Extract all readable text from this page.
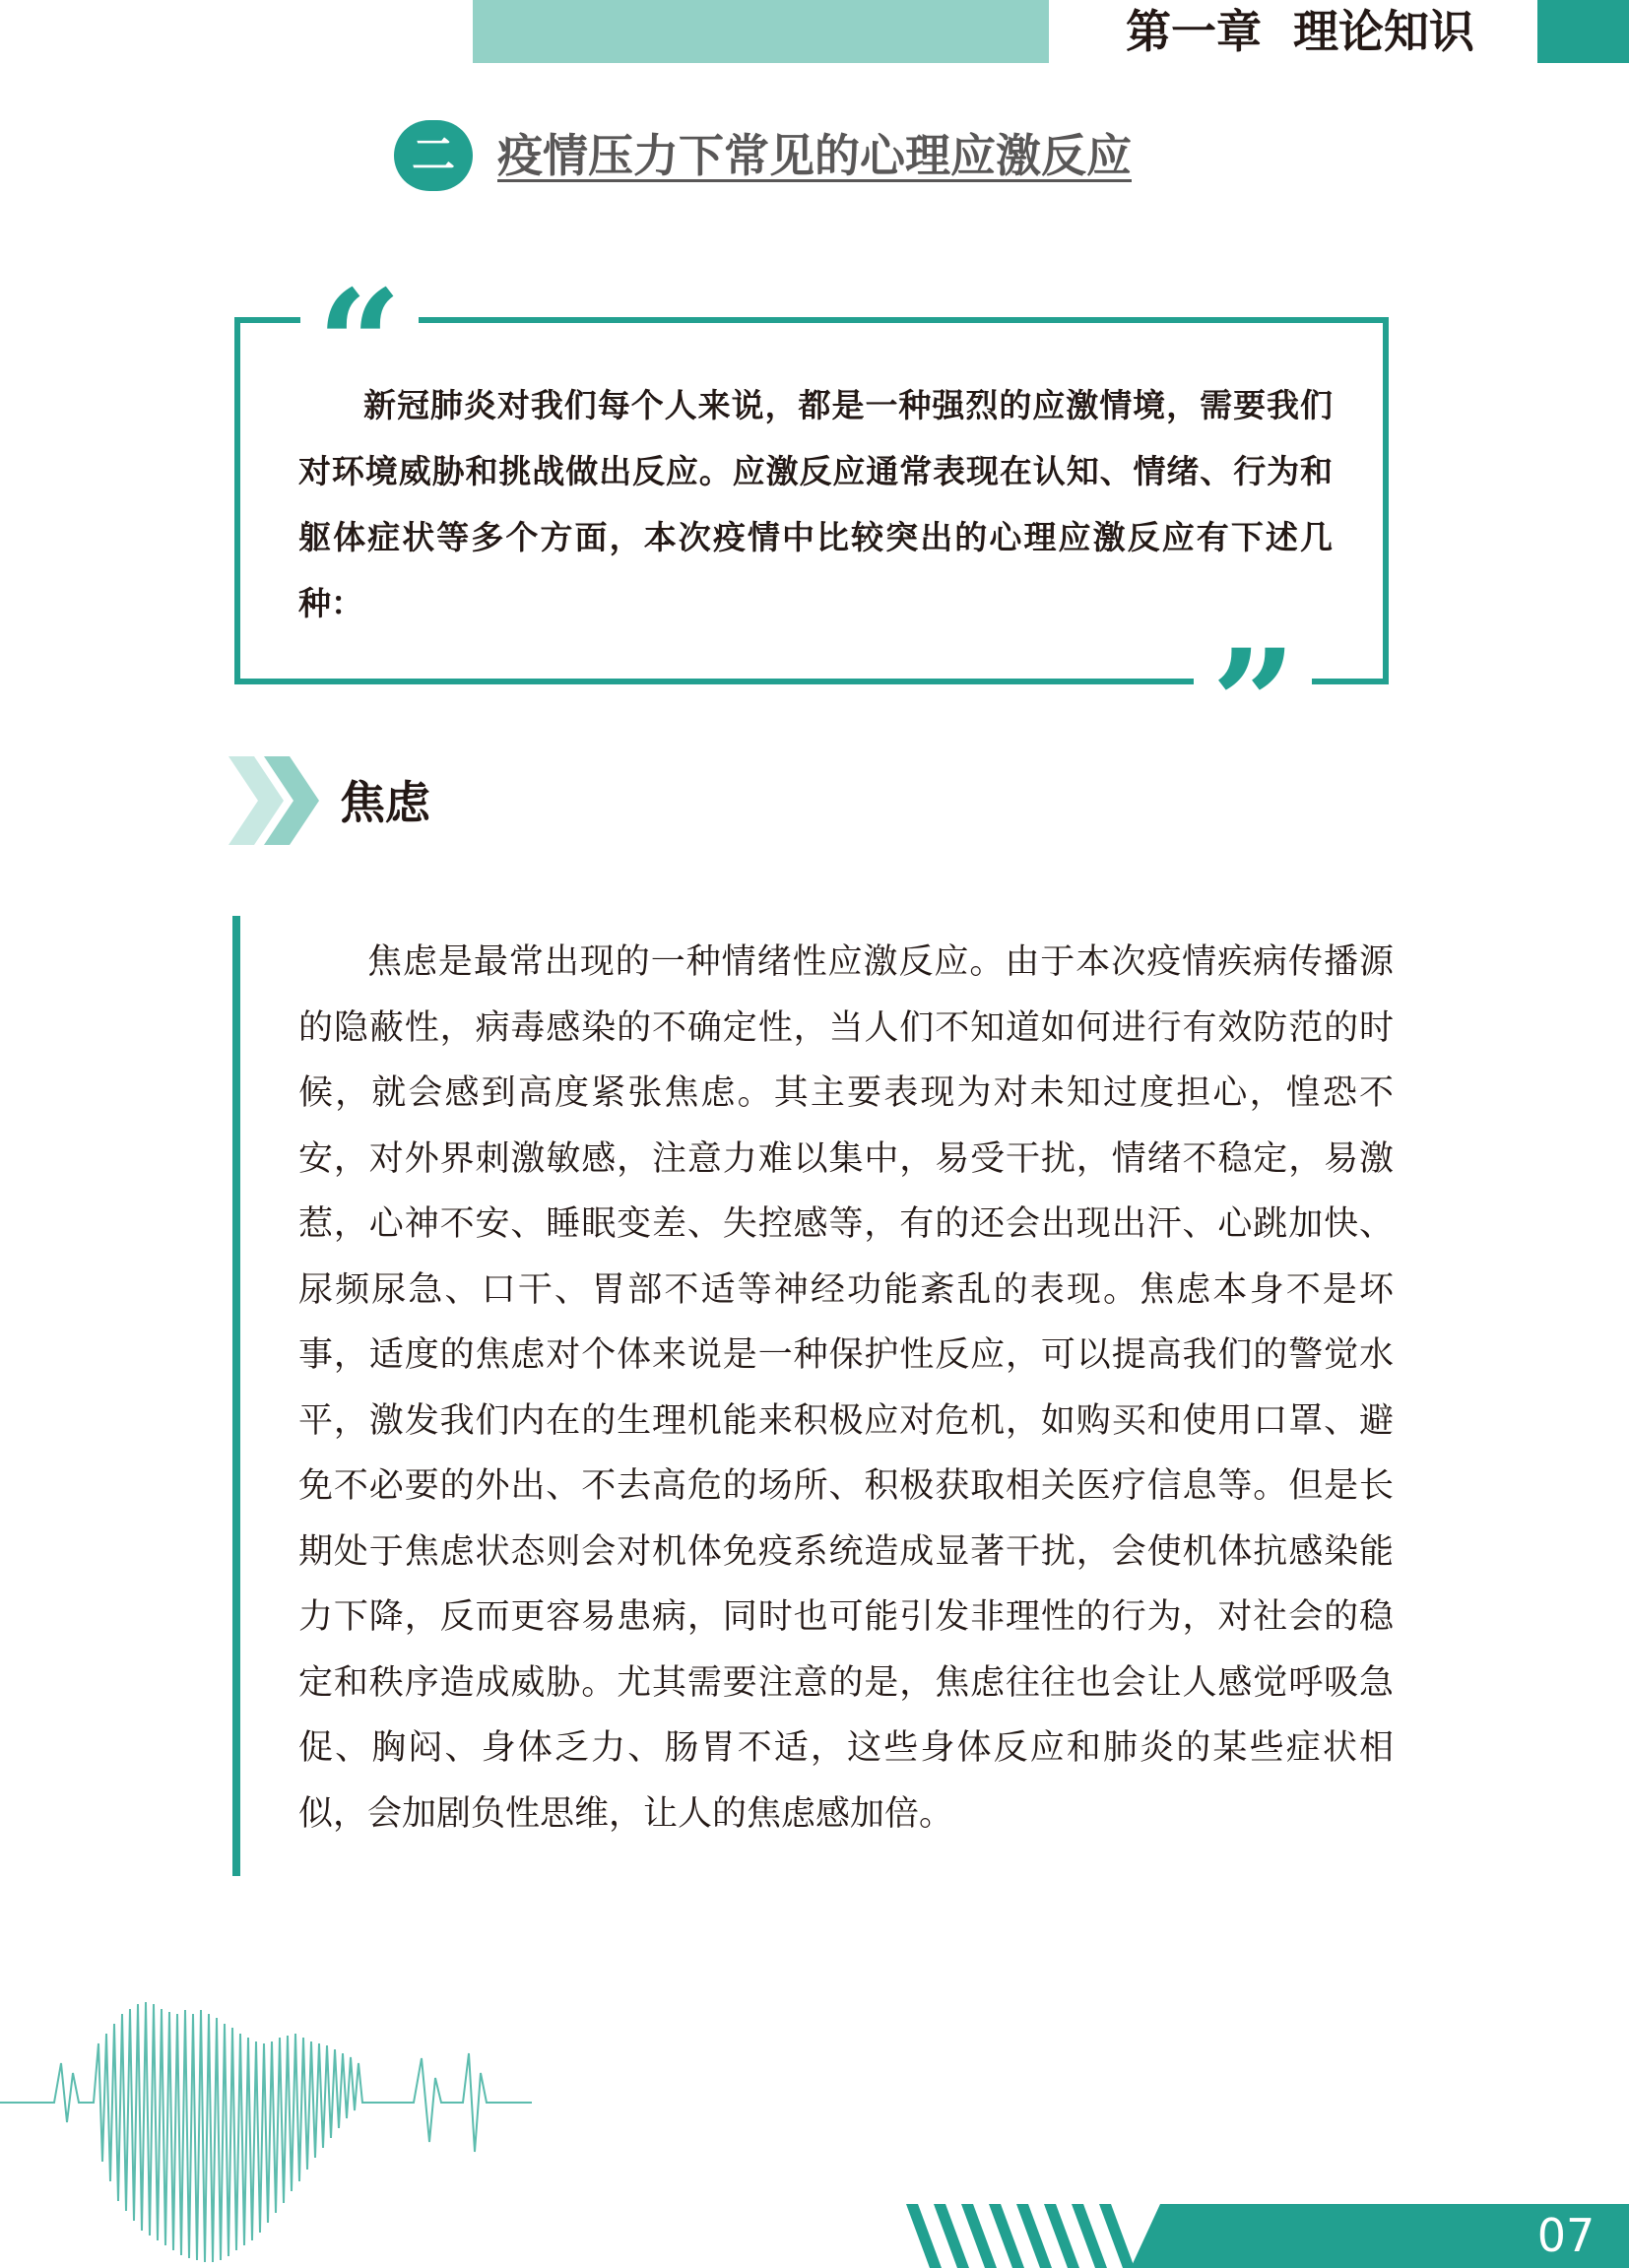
第一章  理论知识
二 疫情压力下常见的心理应激反应
“
”

新冠肺炎对我们每个人来说，都是一种强烈的应激情境，需要我们对环境威胁和挑战做出反应。应激反应通常表现在认知、情绪、行为和躯体症状等多个方面，本次疫情中比较突出的心理应激反应有下述几种：

焦虑

焦虑是最常出现的一种情绪性应激反应。由于本次疫情疾病传播源的隐蔽性，病毒感染的不确定性，当人们不知道如何进行有效防范的时候，就会感到高度紧张焦虑。其主要表现为对未知过度担心，惶恐不安，对外界刺激敏感，注意力难以集中，易受干扰，情绪不稳定，易激惹，心神不安、睡眠变差、失控感等，有的还会出现出汗、心跳加快、尿频尿急、口干、胃部不适等神经功能紊乱的表现。焦虑本身不是坏事，适度的焦虑对个体来说是一种保护性反应，可以提高我们的警觉水平，激发我们内在的生理机能来积极应对危机，如购买和使用口罩、避免不必要的外出、不去高危的场所、积极获取相关医疗信息等。但是长期处于焦虑状态则会对机体免疫系统造成显著干扰，会使机体抗感染能力下降，反而更容易患病，同时也可能引发非理性的行为，对社会的稳定和秩序造成威胁。尤其需要注意的是，焦虑往往也会让人感觉呼吸急促、胸闷、身体乏力、肠胃不适，这些身体反应和肺炎的某些症状相似，会加剧负性思维，让人的焦虑感加倍。

07
